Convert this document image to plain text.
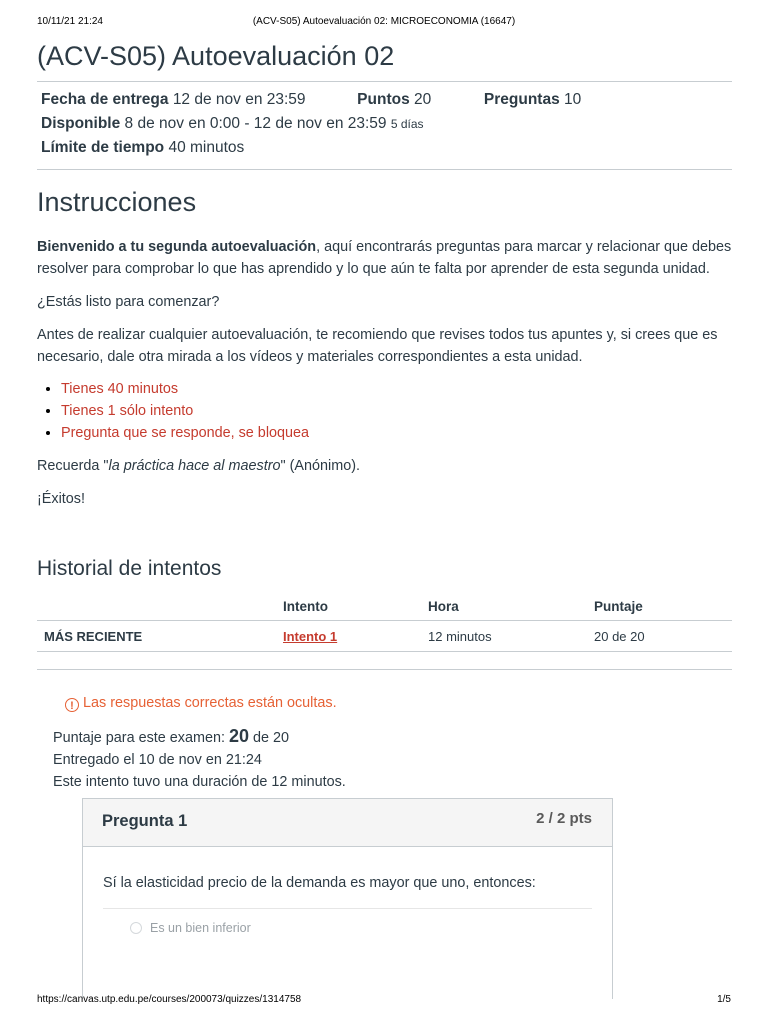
10/11/21 21:24	(ACV-S05) Autoevaluación 02: MICROECONOMIA (16647)
(ACV-S05) Autoevaluación 02
Fecha de entrega 12 de nov en 23:59	Puntos 20	Preguntas 10
Disponible 8 de nov en 0:00 - 12 de nov en 23:59 5 días
Límite de tiempo 40 minutos
Instrucciones

Bienvenido a tu segunda autoevaluación, aquí encontrarás preguntas para marcar y relacionar que debes resolver para comprobar lo que has aprendido y lo que aún te falta por aprender de esta segunda unidad.

¿Estás listo para comenzar?

Antes de realizar cualquier autoevaluación, te recomiendo que revises todos tus apuntes y, si crees que es necesario, dale otra mirada a los vídeos y materiales correspondientes a esta unidad.

• Tienes 40 minutos
• Tienes 1 sólo intento
• Pregunta que se responde, se bloquea

Recuerda "la práctica hace al maestro" (Anónimo).

¡Éxitos!

Historial de intentos
	Intento	Hora	Puntaje
MÁS RECIENTE	Intento 1	12 minutos	20 de 20
! Las respuestas correctas están ocultas.
Puntaje para este examen: 20 de 20
Entregado el 10 de nov en 21:24
Este intento tuvo una duración de 12 minutos.
Pregunta 1	2 / 2 pts
Sí la elasticidad precio de la demanda es mayor que uno, entonces:
Es un bien inferior
https://canvas.utp.edu.pe/courses/200073/quizzes/1314758	1/5
